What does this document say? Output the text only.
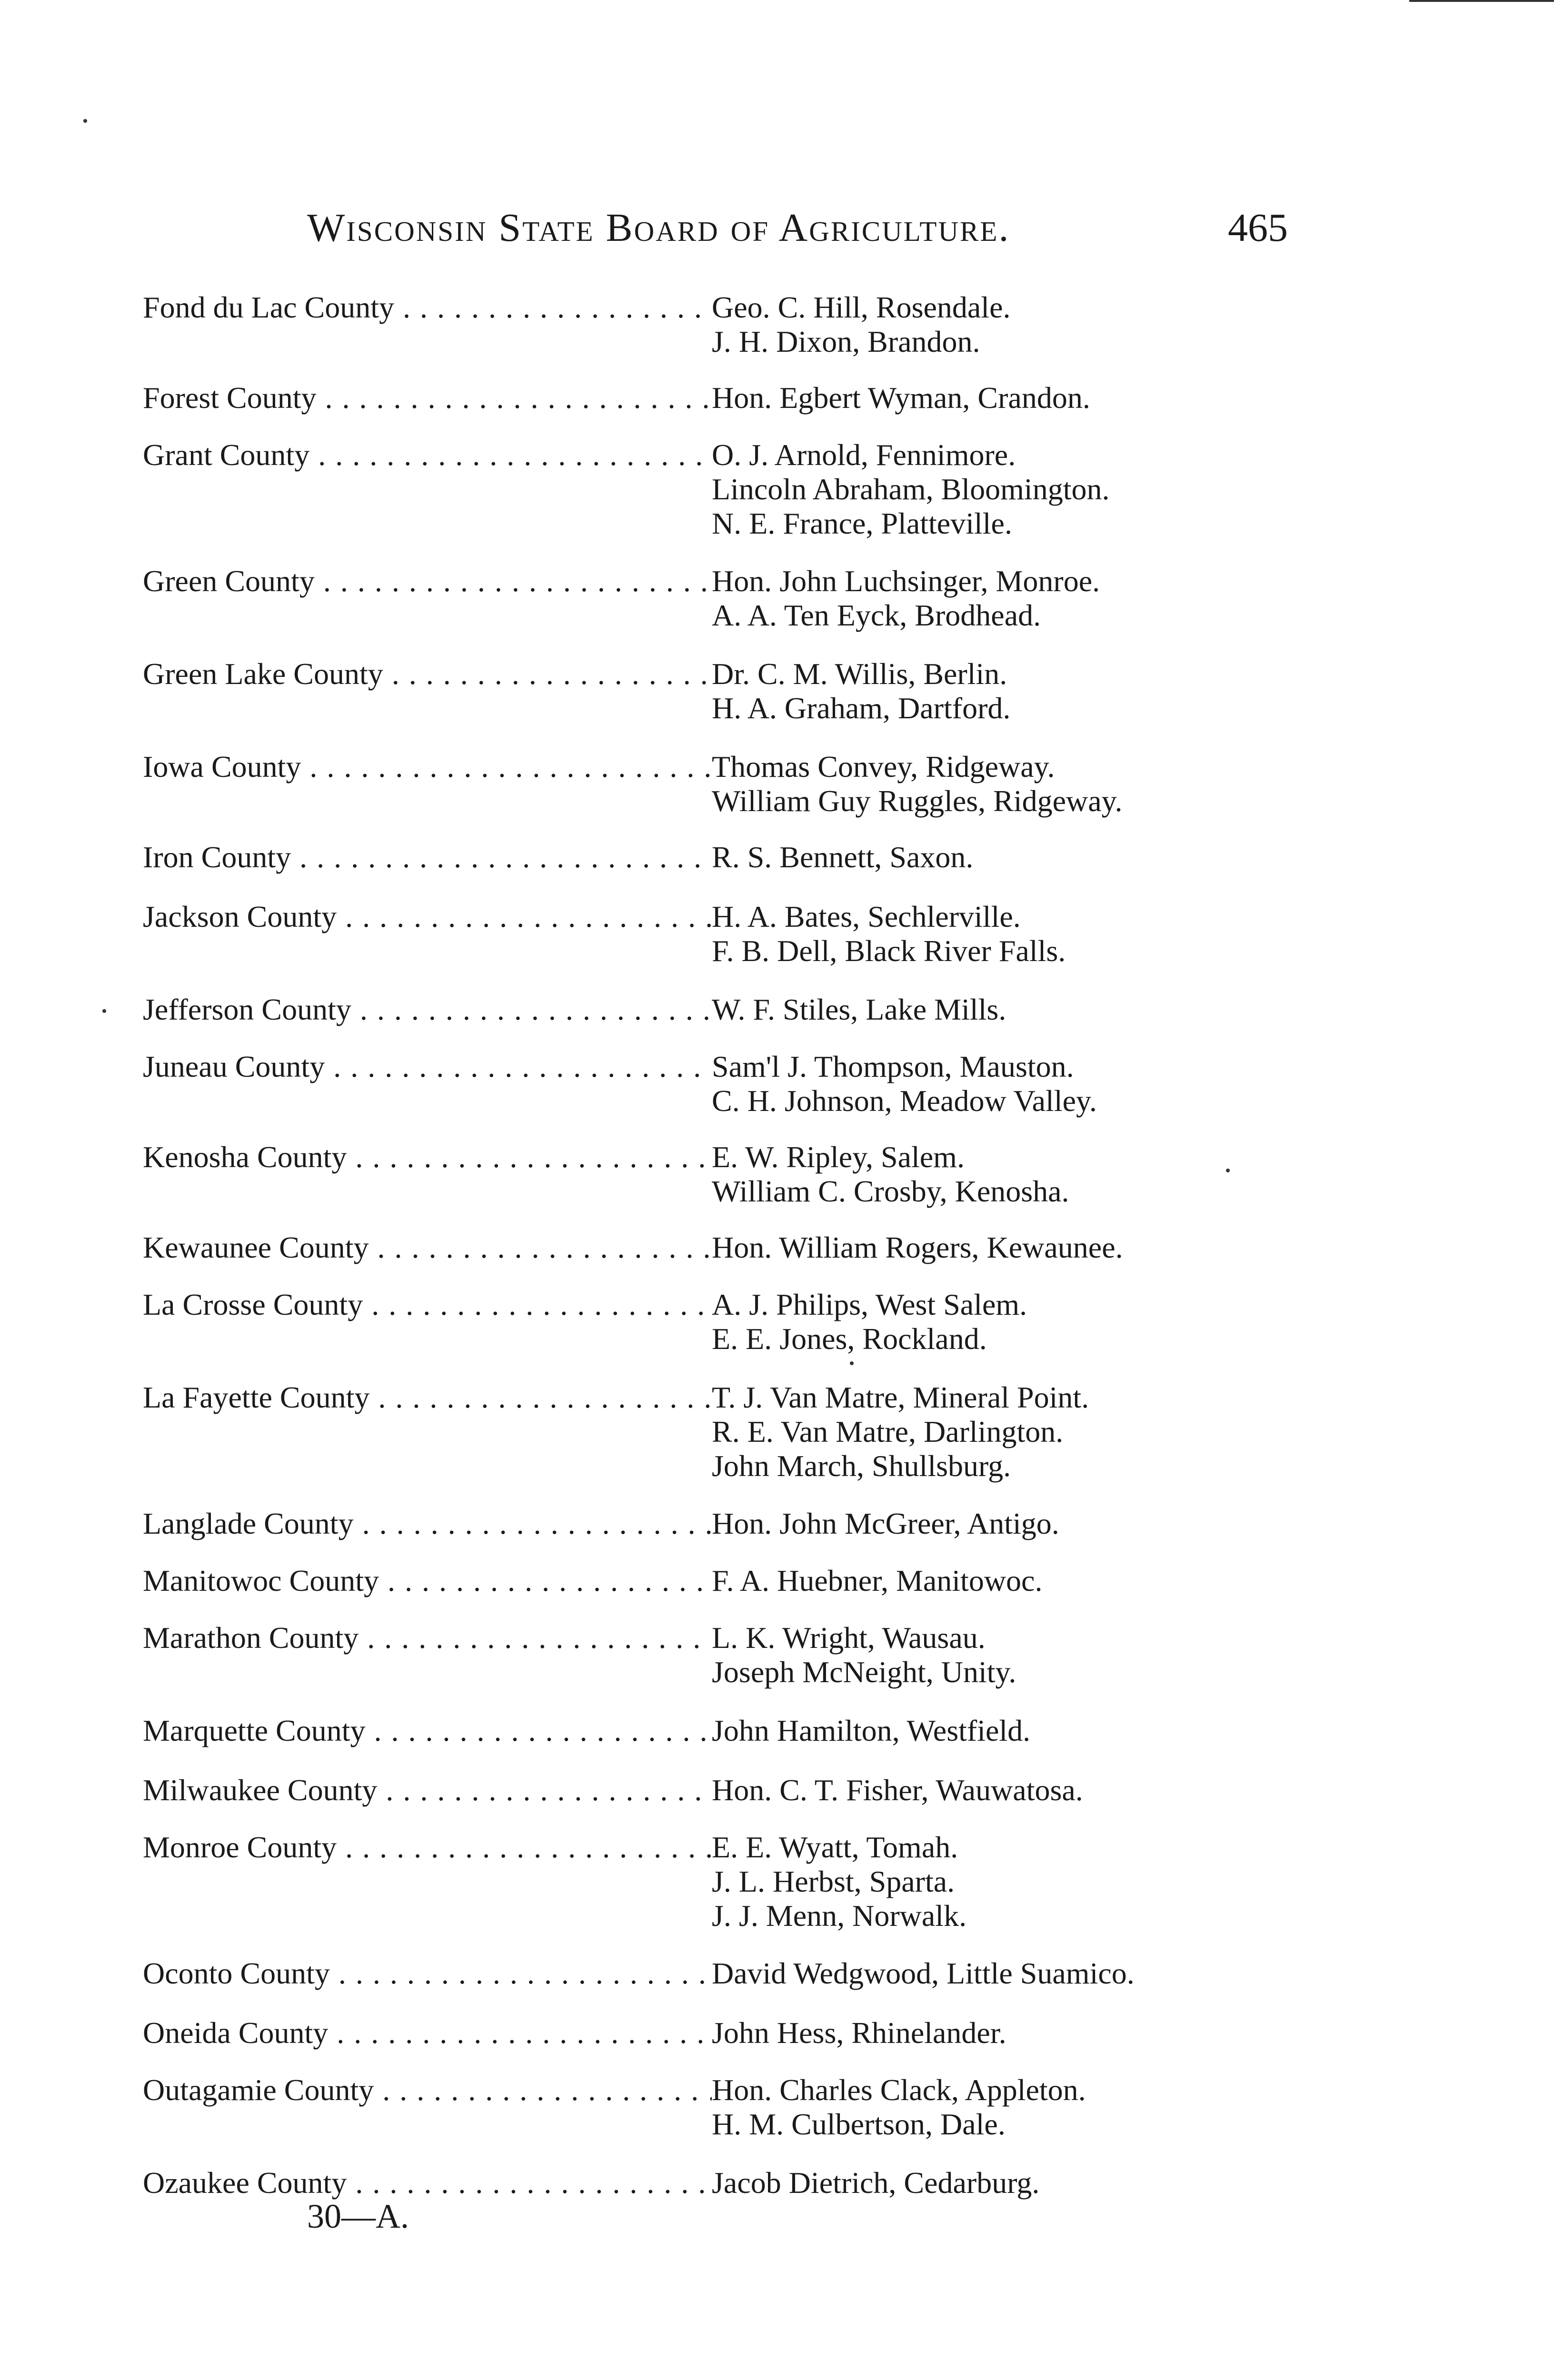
Wisconsin State Board of Agriculture.	465
Fond du Lac County . . .	Geo. C. Hill, Rosendale.
J. H. Dixon, Brandon.
Forest County . . .	Hon. Egbert Wyman, Crandon.
Grant County . . .	O. J. Arnold, Fennimore.
Lincoln Abraham, Bloomington.
N. E. France, Platteville.
Green County . . .	Hon. John Luchsinger, Monroe.
A. A. Ten Eyck, Brodhead.
Green Lake County . . .	Dr. C. M. Willis, Berlin.
H. A. Graham, Dartford.
Iowa County . . .	Thomas Convey, Ridgeway.
William Guy Ruggles, Ridgeway.
Iron County . . .	R. S. Bennett, Saxon.
Jackson County . . .	H. A. Bates, Sechlerville.
F. B. Dell, Black River Falls.
Jefferson County . . .	W. F. Stiles, Lake Mills.
Juneau County . . .	Sam'l J. Thompson, Mauston.
C. H. Johnson, Meadow Valley.
Kenosha County . . .	E. W. Ripley, Salem.
William C. Crosby, Kenosha.
Kewaunee County . . .	Hon. William Rogers, Kewaunee.
La Crosse County . . .	A. J. Philips, West Salem.
E. E. Jones, Rockland.
La Fayette County . . .	T. J. Van Matre, Mineral Point.
R. E. Van Matre, Darlington.
John March, Shullsburg.
Langlade County . . .	Hon. John McGreer, Antigo.
Manitowoc County . . .	F. A. Huebner, Manitowoc.
Marathon County . . .	L. K. Wright, Wausau.
Joseph McNeight, Unity.
Marquette County . . .	John Hamilton, Westfield.
Milwaukee County . . .	Hon. C. T. Fisher, Wauwatosa.
Monroe County . . .	E. E. Wyatt, Tomah.
J. L. Herbst, Sparta.
J. J. Menn, Norwalk.
Oconto County . . .	David Wedgwood, Little Suamico.
Oneida County . . .	John Hess, Rhinelander.
Outagamie County . . .	Hon. Charles Clack, Appleton.
H. M. Culbertson, Dale.
Ozaukee County . . .	Jacob Dietrich, Cedarburg.
30—A.
